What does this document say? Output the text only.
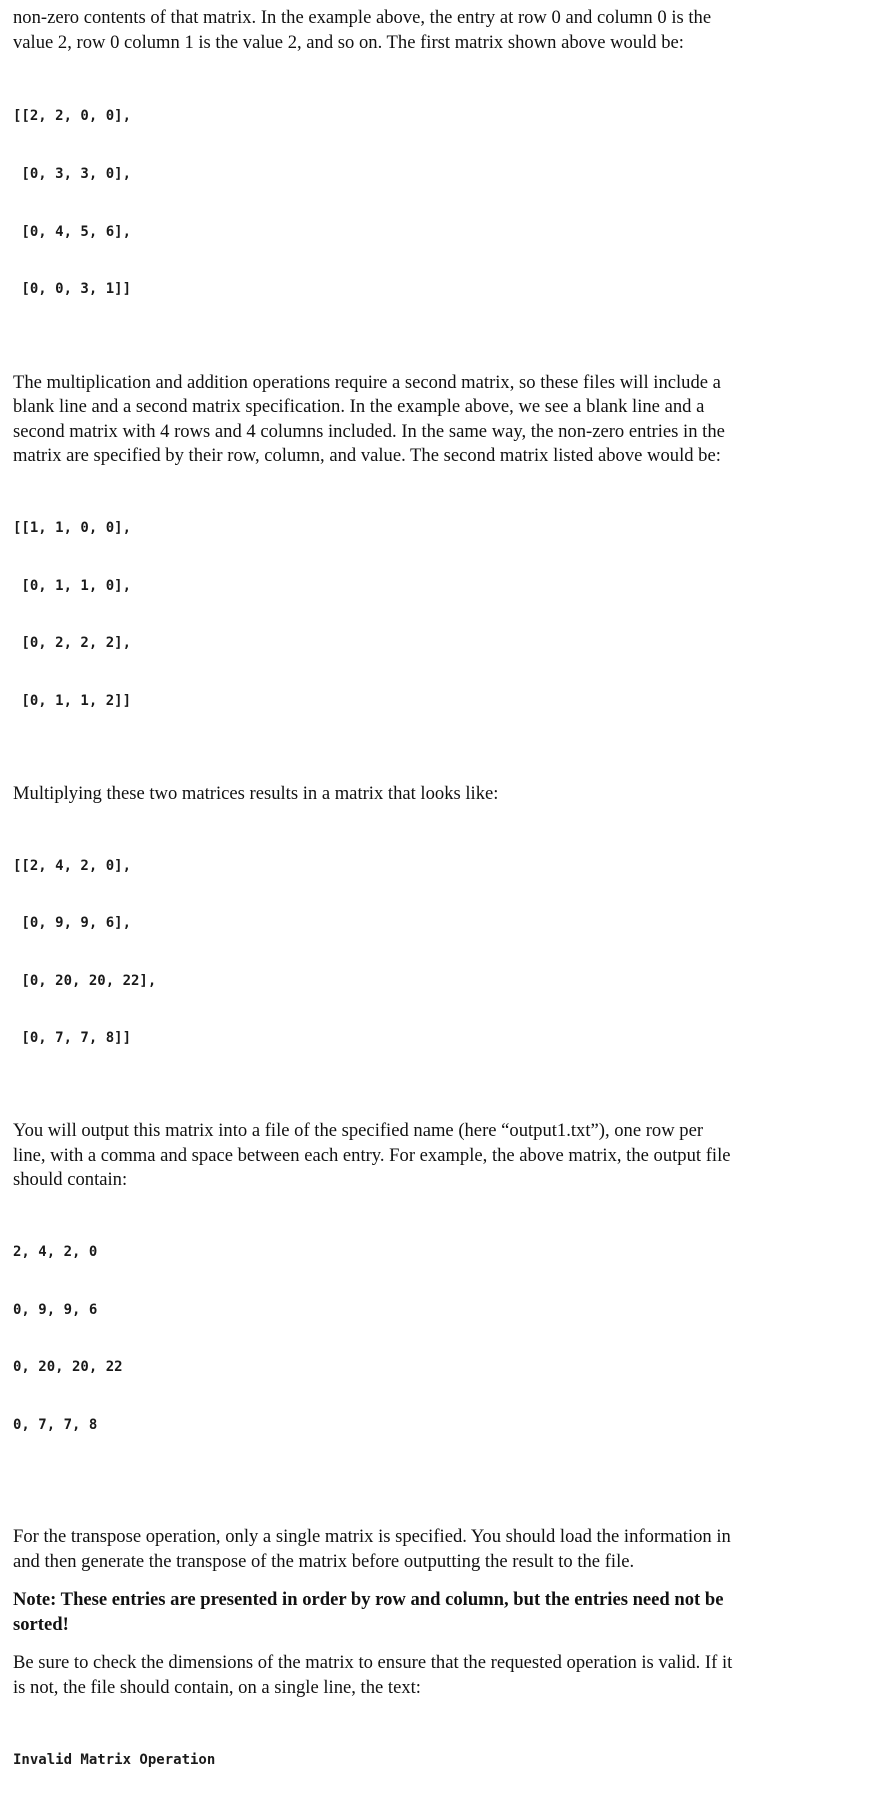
non-zero contents of that matrix. In the example above, the entry at row 0 and column 0 is the
value 2, row 0 column 1 is the value 2, and so on. The first matrix shown above would be:

[[2, 2, 0, 0],

[0, 3, 3, 0],

[0, 4, 5, 6],

[0, 0, 3, 1]]

The multiplication and addition operations require a second matrix, so these files will include a
blank line and a second matrix specification. In the example above, we see a blank line and a
second matrix with 4 rows and 4 columns included. In the same way, the non-zero entries in the
matrix are specified by their row, column, and value. The second matrix listed above would be:

[[1, 1, 0, 0],

[0, 1, 1, 0],

[0, 2, 2, 2],

[0, 1, 1, 2]]

Multiplying these two matrices results in a matrix that looks like:

[[2, 4, 2, 0],

[0, 9, 9, 6],

[0, 20, 20, 22],

[0, 7, 7, 8]]

You will output this matrix into a file of the specified name (here “output1.txt”), one row per
line, with a comma and space between each entry. For example, the above matrix, the output file
should contain:

2, 4, 2, 0

0, 9, 9, 6

0, 20, 20, 22

0, 7, 7, 8

For the transpose operation, only a single matrix is specified. You should load the information in
and then generate the transpose of the matrix before outputting the result to the file.

Note: These entries are presented in order by row and column, but the entries need not be
sorted!

Be sure to check the dimensions of the matrix to ensure that the requested operation is valid. If it
is not, the file should contain, on a single line, the text:

Invalid Matrix Operation
